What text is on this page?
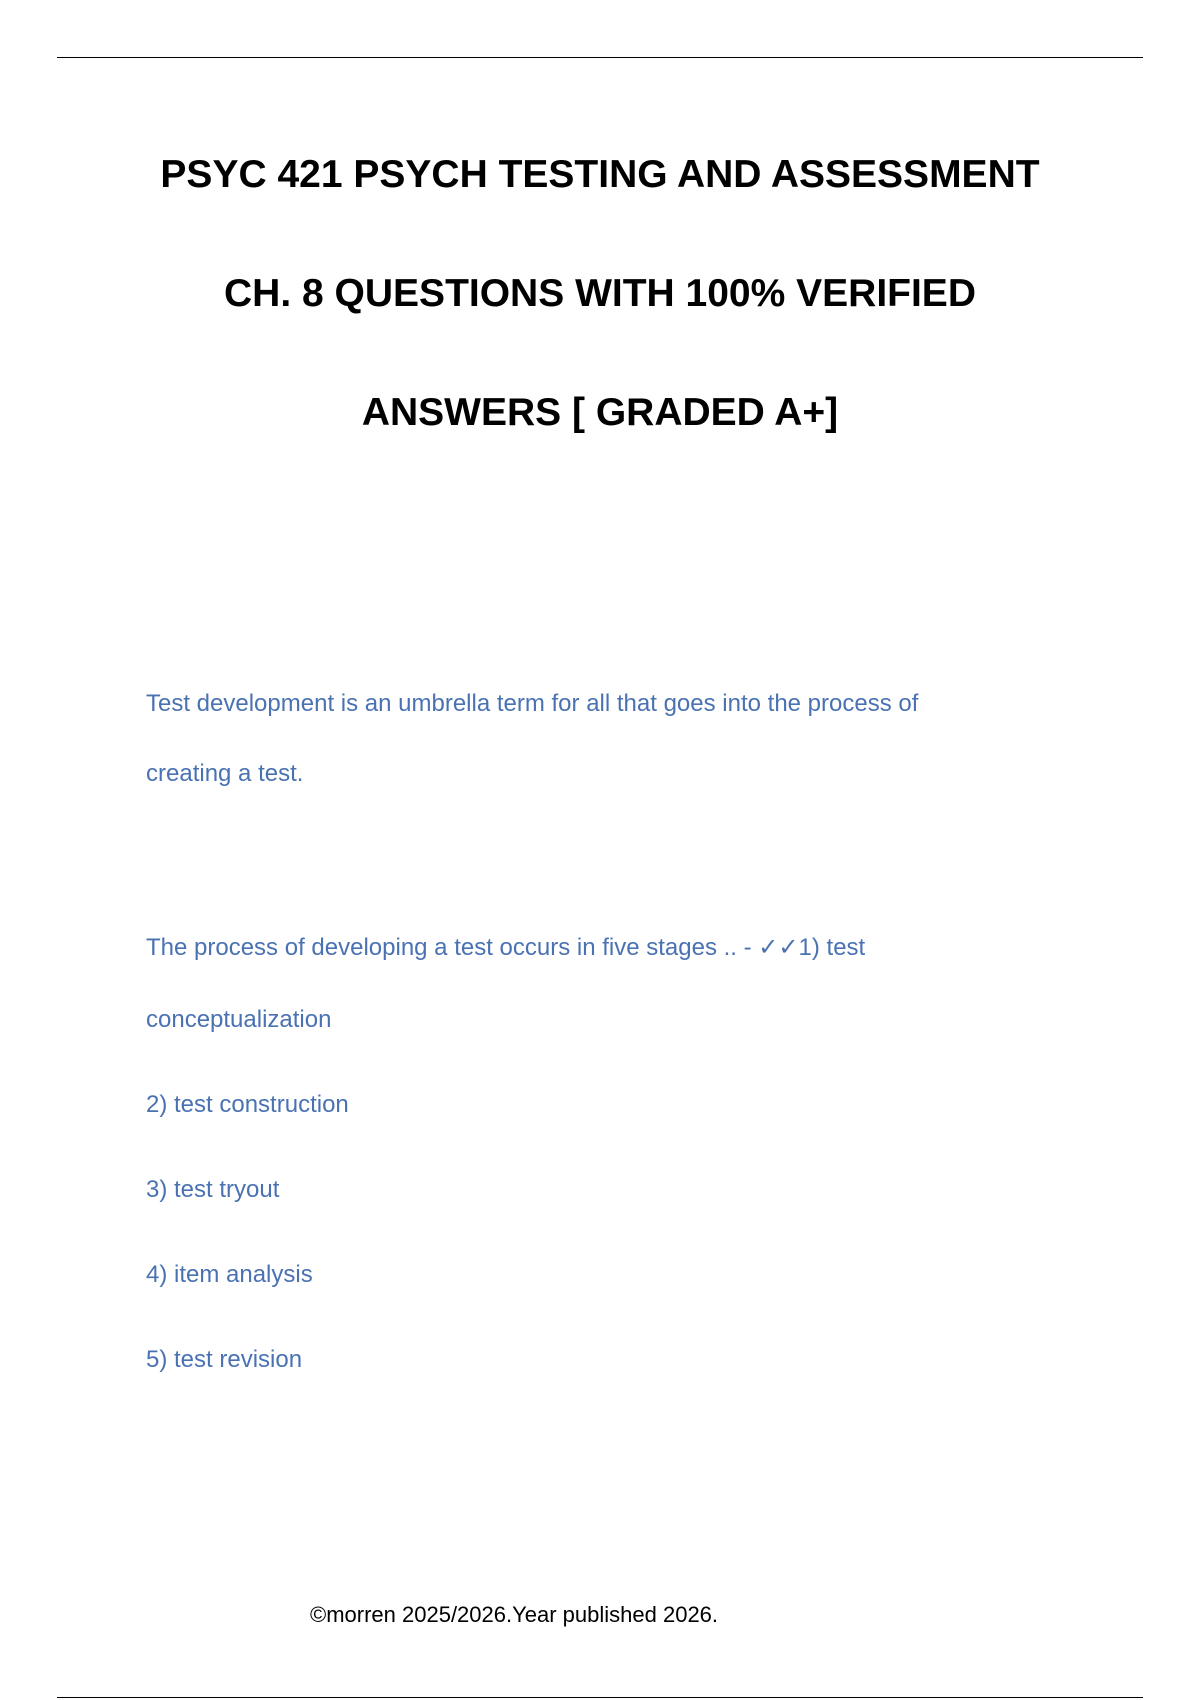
PSYC 421 PSYCH TESTING AND ASSESSMENT
CH. 8 QUESTIONS WITH 100% VERIFIED
ANSWERS [ GRADED A+]
Test development is an umbrella term for all that goes into the process of
creating a test.
The process of developing a test occurs in five stages .. - ✓✓1) test
conceptualization
2) test construction
3) test tryout
4) item analysis
5) test revision

©morren 2025/2026.Year published 2026.
